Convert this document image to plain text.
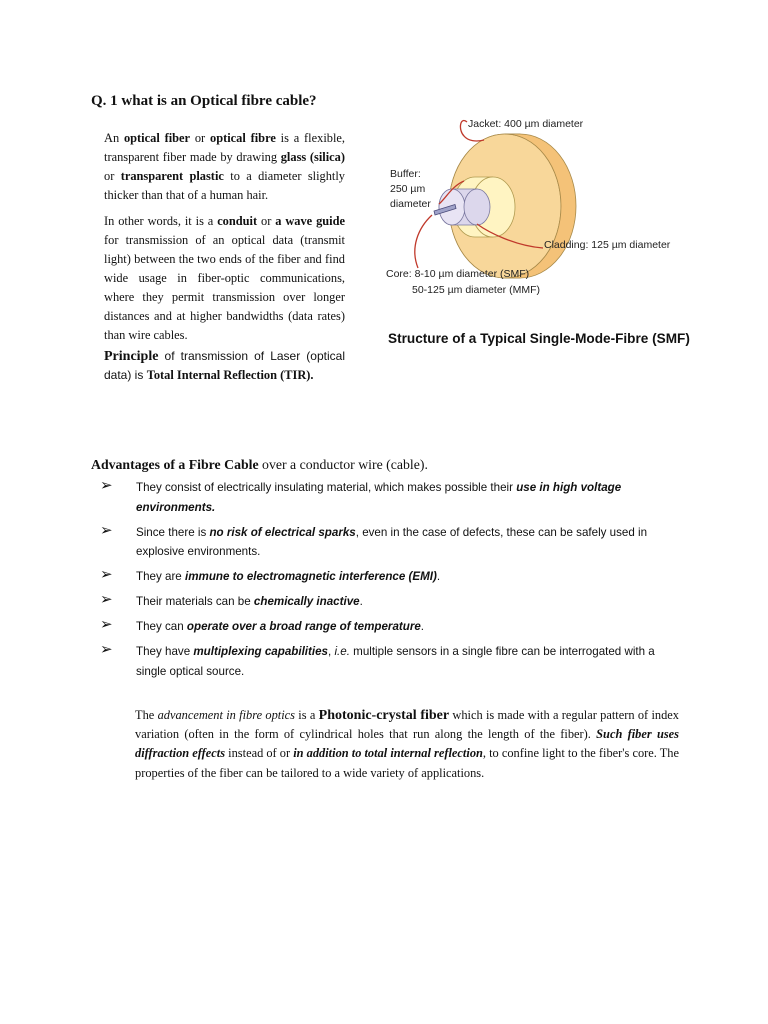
Q. 1 what is an Optical fibre cable?

An optical fiber or optical fibre is a flexible, transparent fiber made by drawing glass (silica) or transparent plastic to a diameter slightly thicker than that of a human hair.

In other words, it is a conduit or a wave guide for transmission of an optical data (transmit light) between the two ends of the fiber and find wide usage in fiber-optic communications, where they permit transmission over longer distances and at higher bandwidths (data rates) than wire cables.

Principle of transmission of Laser (optical data) is Total Internal Reflection (TIR).

Jacket: 400 µm diameter
Buffer:
250 µm
diameter
Cladding: 125 µm diameter
Core: 8-10 µm diameter (SMF)
50-125 µm diameter (MMF)
Structure of a Typical Single-Mode-Fibre (SMF)
Advantages of a Fibre Cable over a conductor wire (cable).
➢ They consist of electrically insulating material, which makes possible their use in high voltage environments.
➢ Since there is no risk of electrical sparks, even in the case of defects, these can be safely used in explosive environments.
➢ They are immune to electromagnetic interference (EMI).
➢ Their materials can be chemically inactive.
➢ They can operate over a broad range of temperature.
➢ They have multiplexing capabilities, i.e. multiple sensors in a single fibre can be interrogated with a single optical source.

The advancement in fibre optics is a Photonic-crystal fiber which is made with a regular pattern of index variation (often in the form of cylindrical holes that run along the length of the fiber). Such fiber uses diffraction effects instead of or in addition to total internal reflection, to confine light to the fiber's core. The properties of the fiber can be tailored to a wide variety of applications.
